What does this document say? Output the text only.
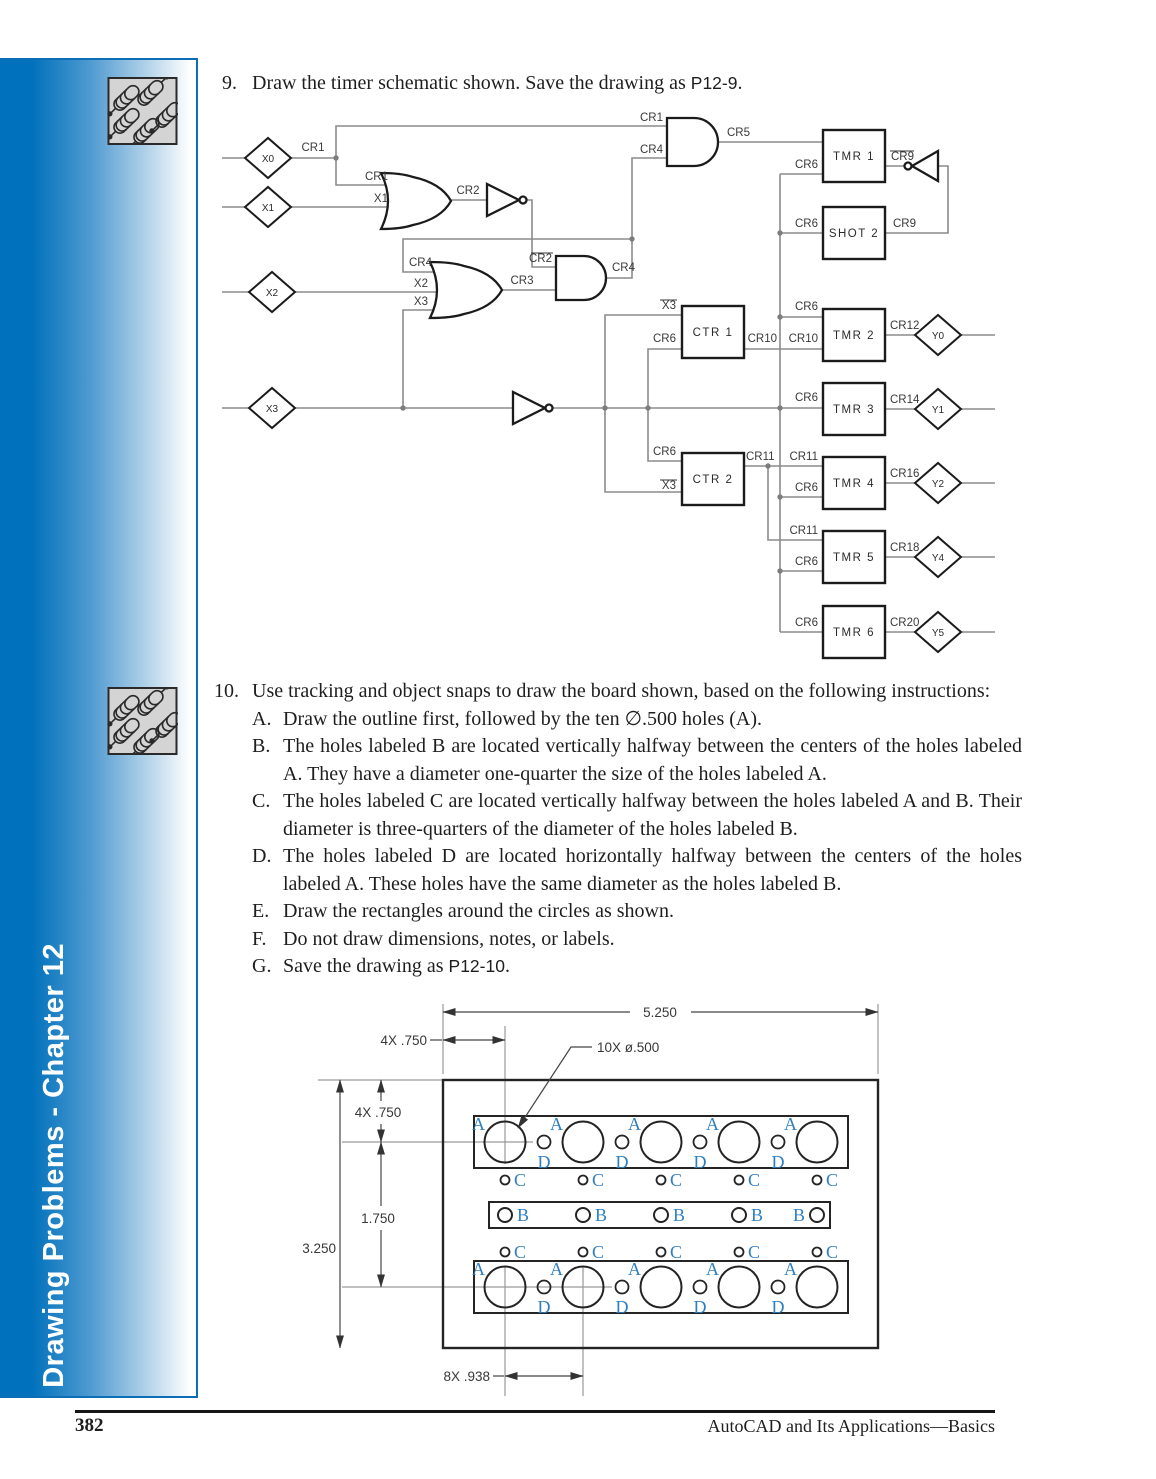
Drawing Problems - Chapter 12
9. Draw the timer schematic shown. Save the drawing as P12-9.
TMR 1
SHOT 2
CTR 1	TMR 2
TMR 3
CTR 2	TMR 4
TMR 5
TMR 6
X0
X1
X2
X3
Y0
Y1
Y2
Y4
Y5
CR1
CR1
CR4
CR1
X1
CR2
CR2
CR3
CR4	CR4
X2
X3
CR5
CR9
CR9
CR6
CR6
X3
CR6	CR10 CR10
CR6
CR12
CR6	CR14
CR6
X3
CR11 CR11
CR6
CR16
CR11
CR6
CR18
CR6	CR20
10. Use tracking and object snaps to draw the board shown, based on the following instructions:
A. Draw the outline first, followed by the ten ∅.500 holes (A).
B. The holes labeled B are located vertically halfway between the centers of the holes labeled A. They have a diameter one-quarter the size of the holes labeled A.
C. The holes labeled C are located vertically halfway between the holes labeled A and B. Their diameter is three-quarters of the diameter of the holes labeled B.
D. The holes labeled D are located horizontally halfway between the centers of the holes labeled A. These holes have the same diameter as the holes labeled B.
E. Draw the rectangles around the circles as shown.
F. Do not draw dimensions, notes, or labels.
G. Save the drawing as P12-10.
A	A	A	A	A
A	A	A	A	A
D	D	D	D
D	D	D	D
C	C	C	C	C
C	C	C	C	C
B	B	B	B B
5.250
4X .750
3.250
4X .750
1.750
8X .938
10X ø.500
382	AutoCAD and Its Applications—Basics
